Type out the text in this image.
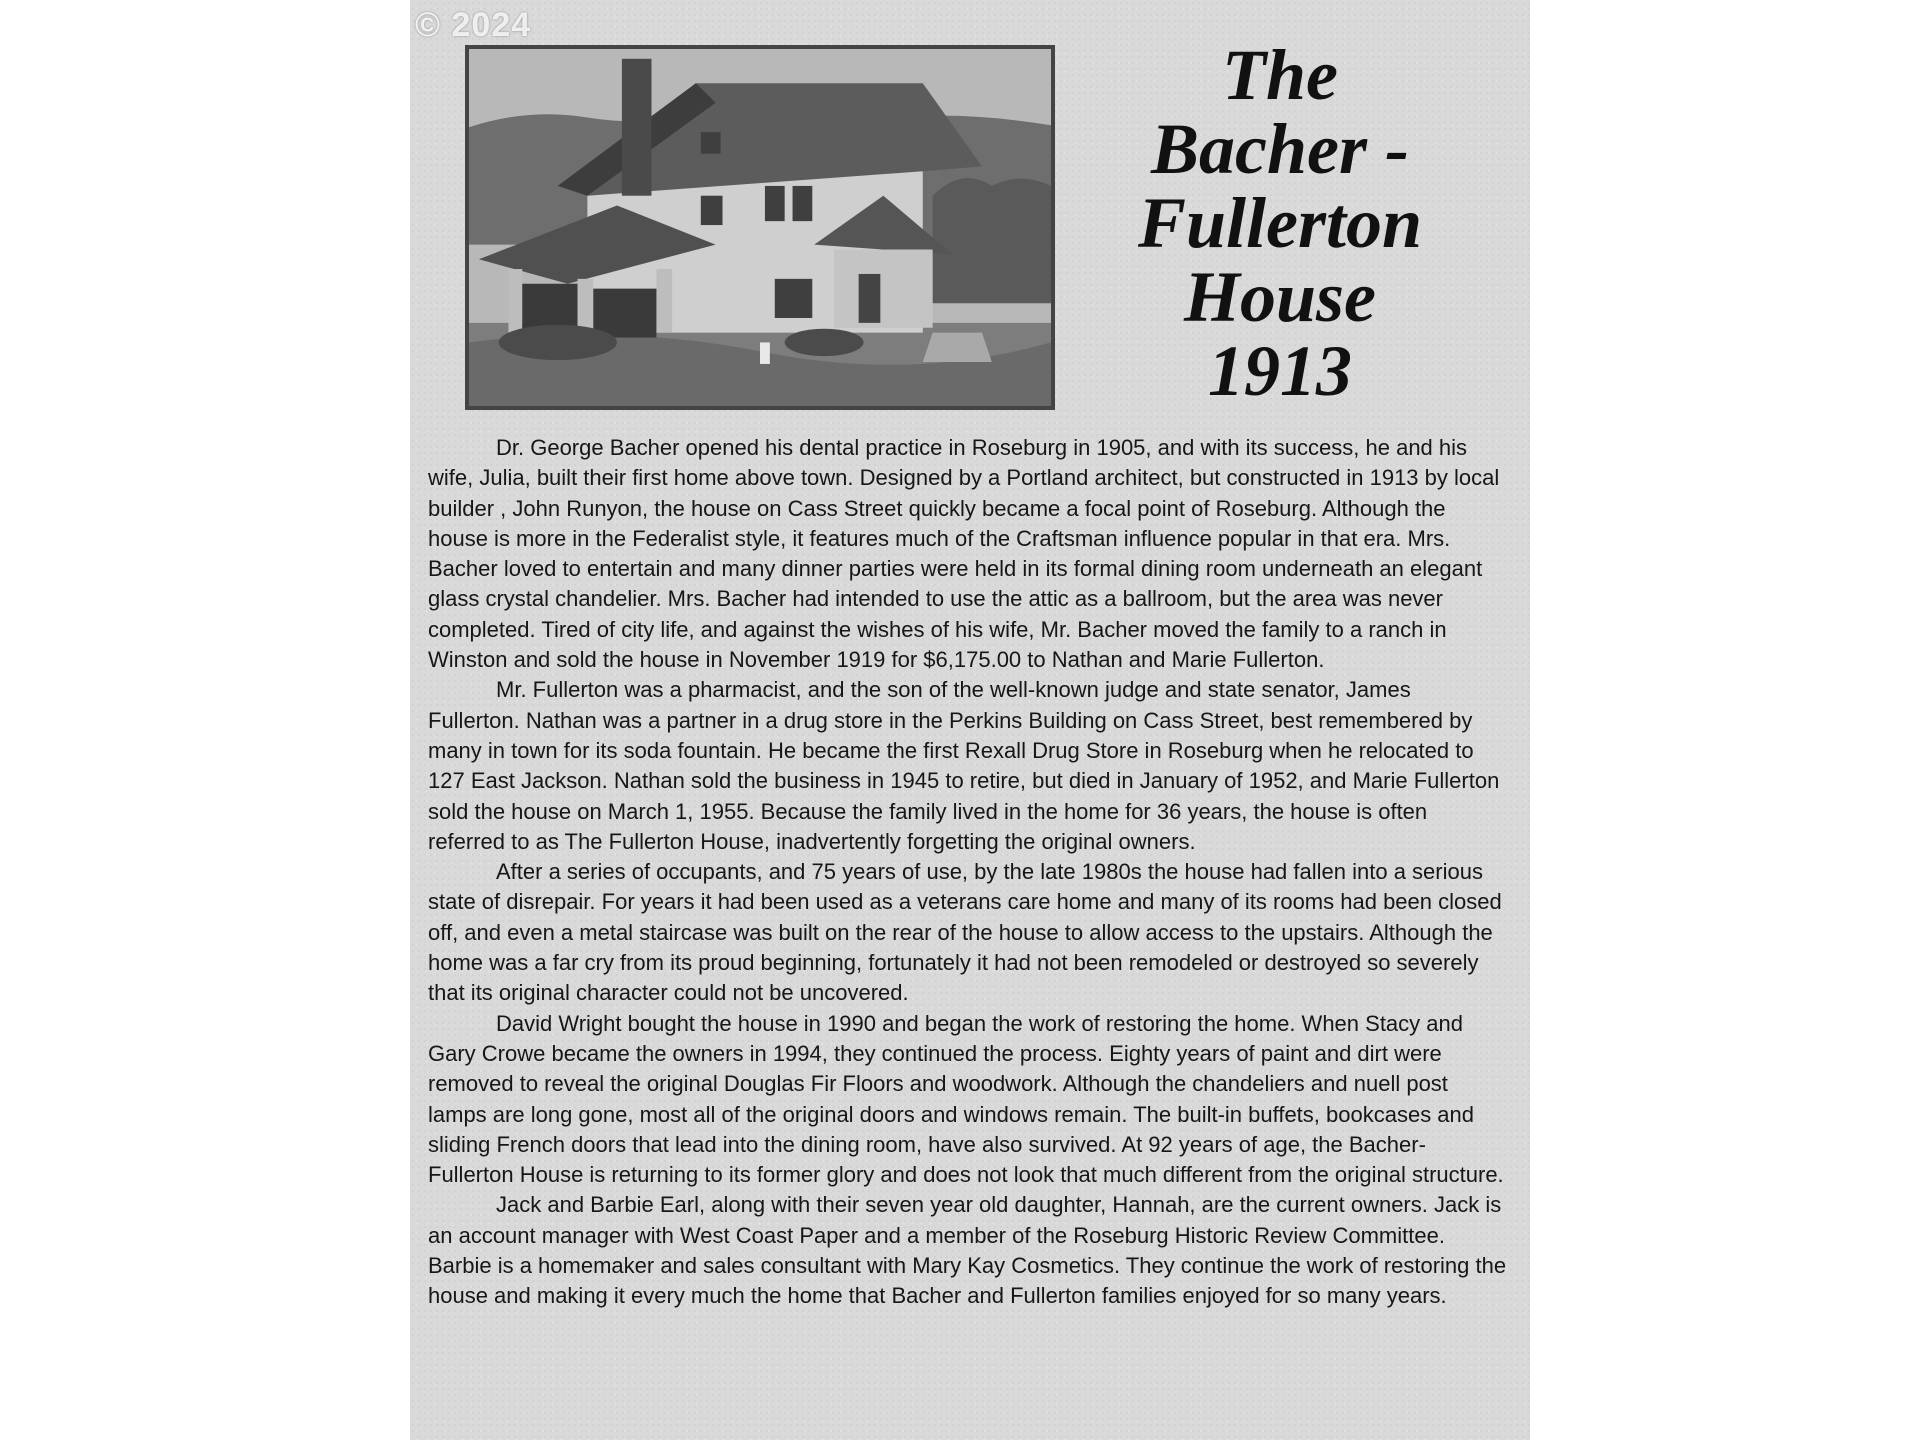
© 2024
The
Bacher -
Fullerton
House
1913

Dr. George Bacher opened his dental practice in Roseburg in 1905, and with its success, he and his wife, Julia, built their first home above town. Designed by a Portland architect, but constructed in 1913 by local builder , John Runyon, the house on Cass Street quickly became a focal point of Roseburg. Although the house is more in the Federalist style, it features much of the Craftsman influence popular in that era. Mrs. Bacher loved to entertain and many dinner parties were held in its formal dining room underneath an elegant glass crystal chandelier. Mrs. Bacher had intended to use the attic as a ballroom, but the area was never completed. Tired of city life, and against the wishes of his wife, Mr. Bacher moved the family to a ranch in Winston and sold the house in November 1919 for $6,175.00 to Nathan and Marie Fullerton.

Mr. Fullerton was a pharmacist, and the son of the well-known judge and state senator, James Fullerton. Nathan was a partner in a drug store in the Perkins Building on Cass Street, best remembered by many in town for its soda fountain. He became the first Rexall Drug Store in Roseburg when he relocated to 127 East Jackson. Nathan sold the business in 1945 to retire, but died in January of 1952, and Marie Fullerton sold the house on March 1, 1955. Because the family lived in the home for 36 years, the house is often referred to as The Fullerton House, inadvertently forgetting the original owners.

After a series of occupants, and 75 years of use, by the late 1980s the house had fallen into a serious state of disrepair. For years it had been used as a veterans care home and many of its rooms had been closed off, and even a metal staircase was built on the rear of the house to allow access to the upstairs. Although the home was a far cry from its proud beginning, fortunately it had not been remodeled or destroyed so severely that its original character could not be uncovered.

David Wright bought the house in 1990 and began the work of restoring the home. When Stacy and Gary Crowe became the owners in 1994, they continued the process. Eighty years of paint and dirt were removed to reveal the original Douglas Fir Floors and woodwork. Although the chandeliers and nuell post lamps are long gone, most all of the original doors and windows remain. The built-in buffets, bookcases and sliding French doors that lead into the dining room, have also survived. At 92 years of age, the Bacher-Fullerton House is returning to its former glory and does not look that much different from the original structure.

Jack and Barbie Earl, along with their seven year old daughter, Hannah, are the current owners. Jack is an account manager with West Coast Paper and a member of the Roseburg Historic Review Committee. Barbie is a homemaker and sales consultant with Mary Kay Cosmetics. They continue the work of restoring the house and making it every much the home that Bacher and Fullerton families enjoyed for so many years.
